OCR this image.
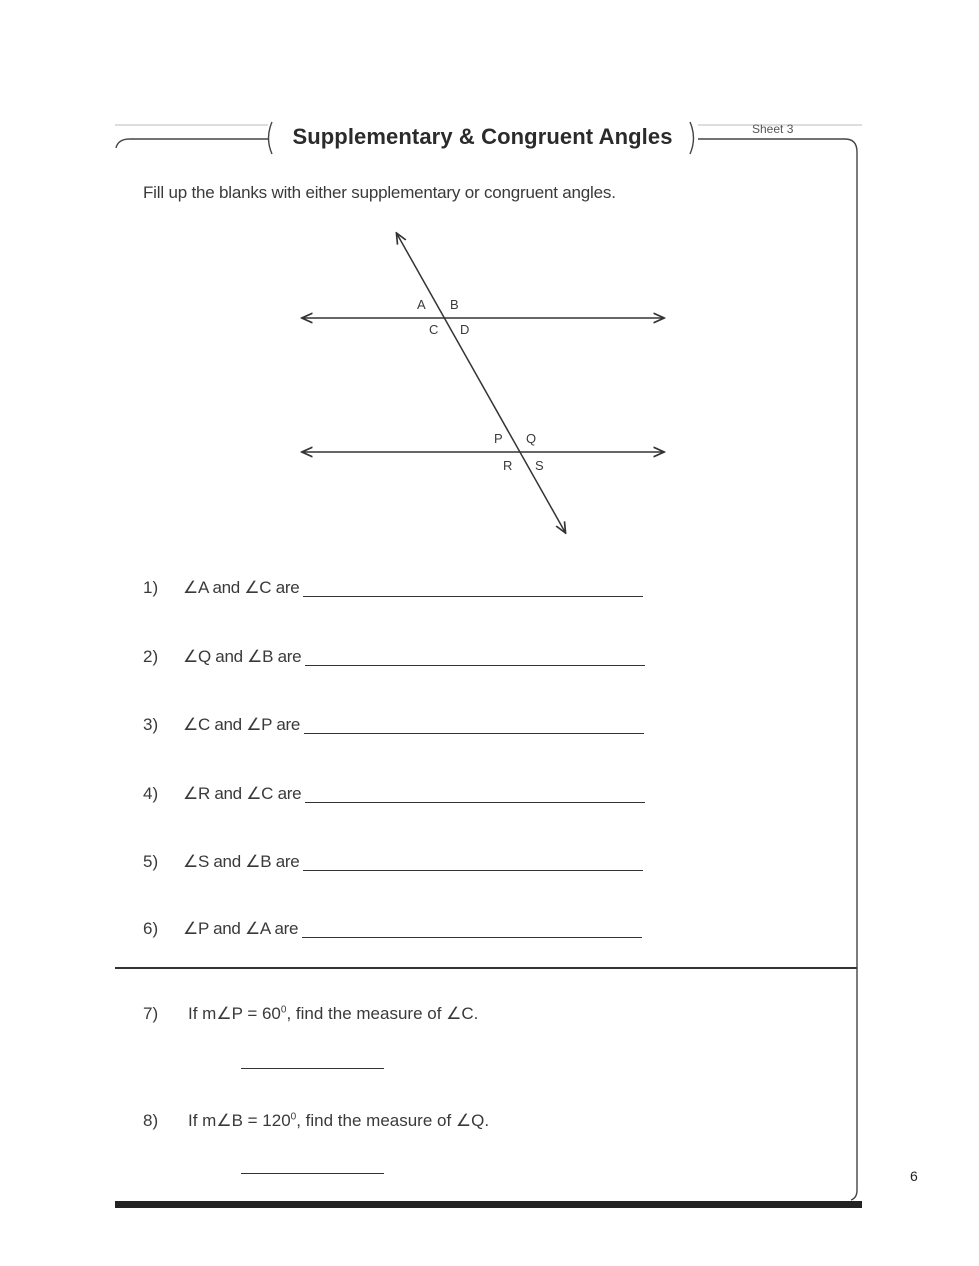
Supplementary & Congruent Angles	Sheet 3
Fill up the blanks with either supplementary or congruent angles.
A B
C D
P Q
R S
1)	∠A and ∠C are
2)	∠Q and ∠B are
3)	∠C and ∠P are
4)	∠R and ∠C are
5)	∠S and ∠B are
6)	∠P and ∠A are
7)	If m∠P = $60^0$, find the measure of ∠C.
8)	If m∠B = $120^0$, find the measure of ∠Q.
6
